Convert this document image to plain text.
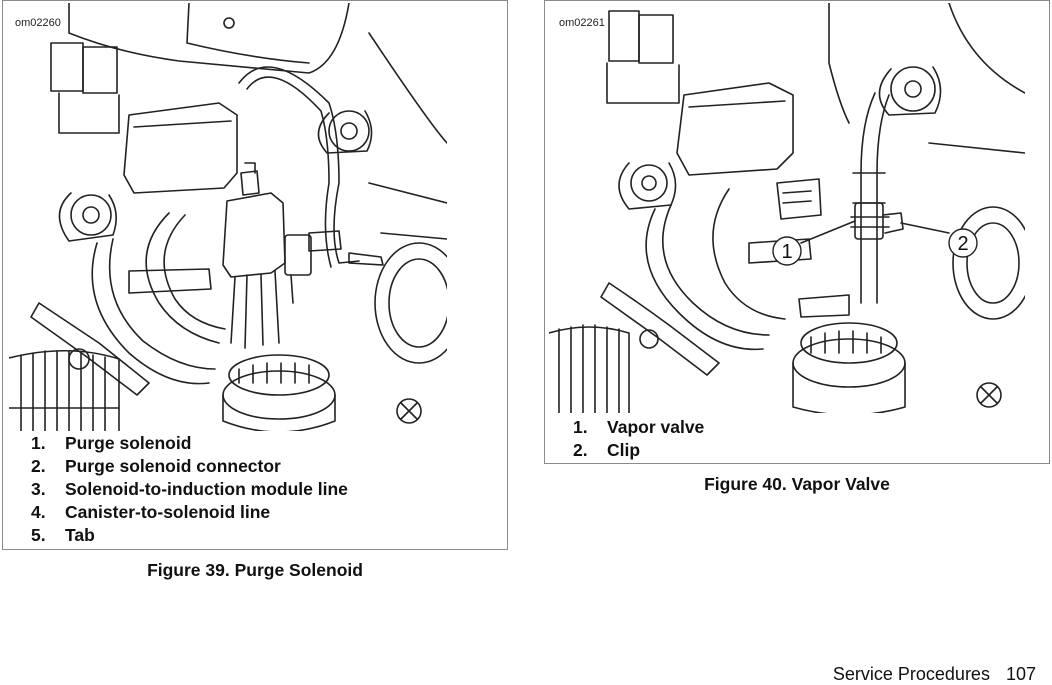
om02260
1. Purge solenoid
2. Purge solenoid connector
3. Solenoid-to-induction module line
4. Canister-to-solenoid line
5. Tab
Figure 39. Purge Solenoid
1	2
om02261
1. Vapor valve
2. Clip
Figure 40. Vapor Valve
Service Procedures 107
